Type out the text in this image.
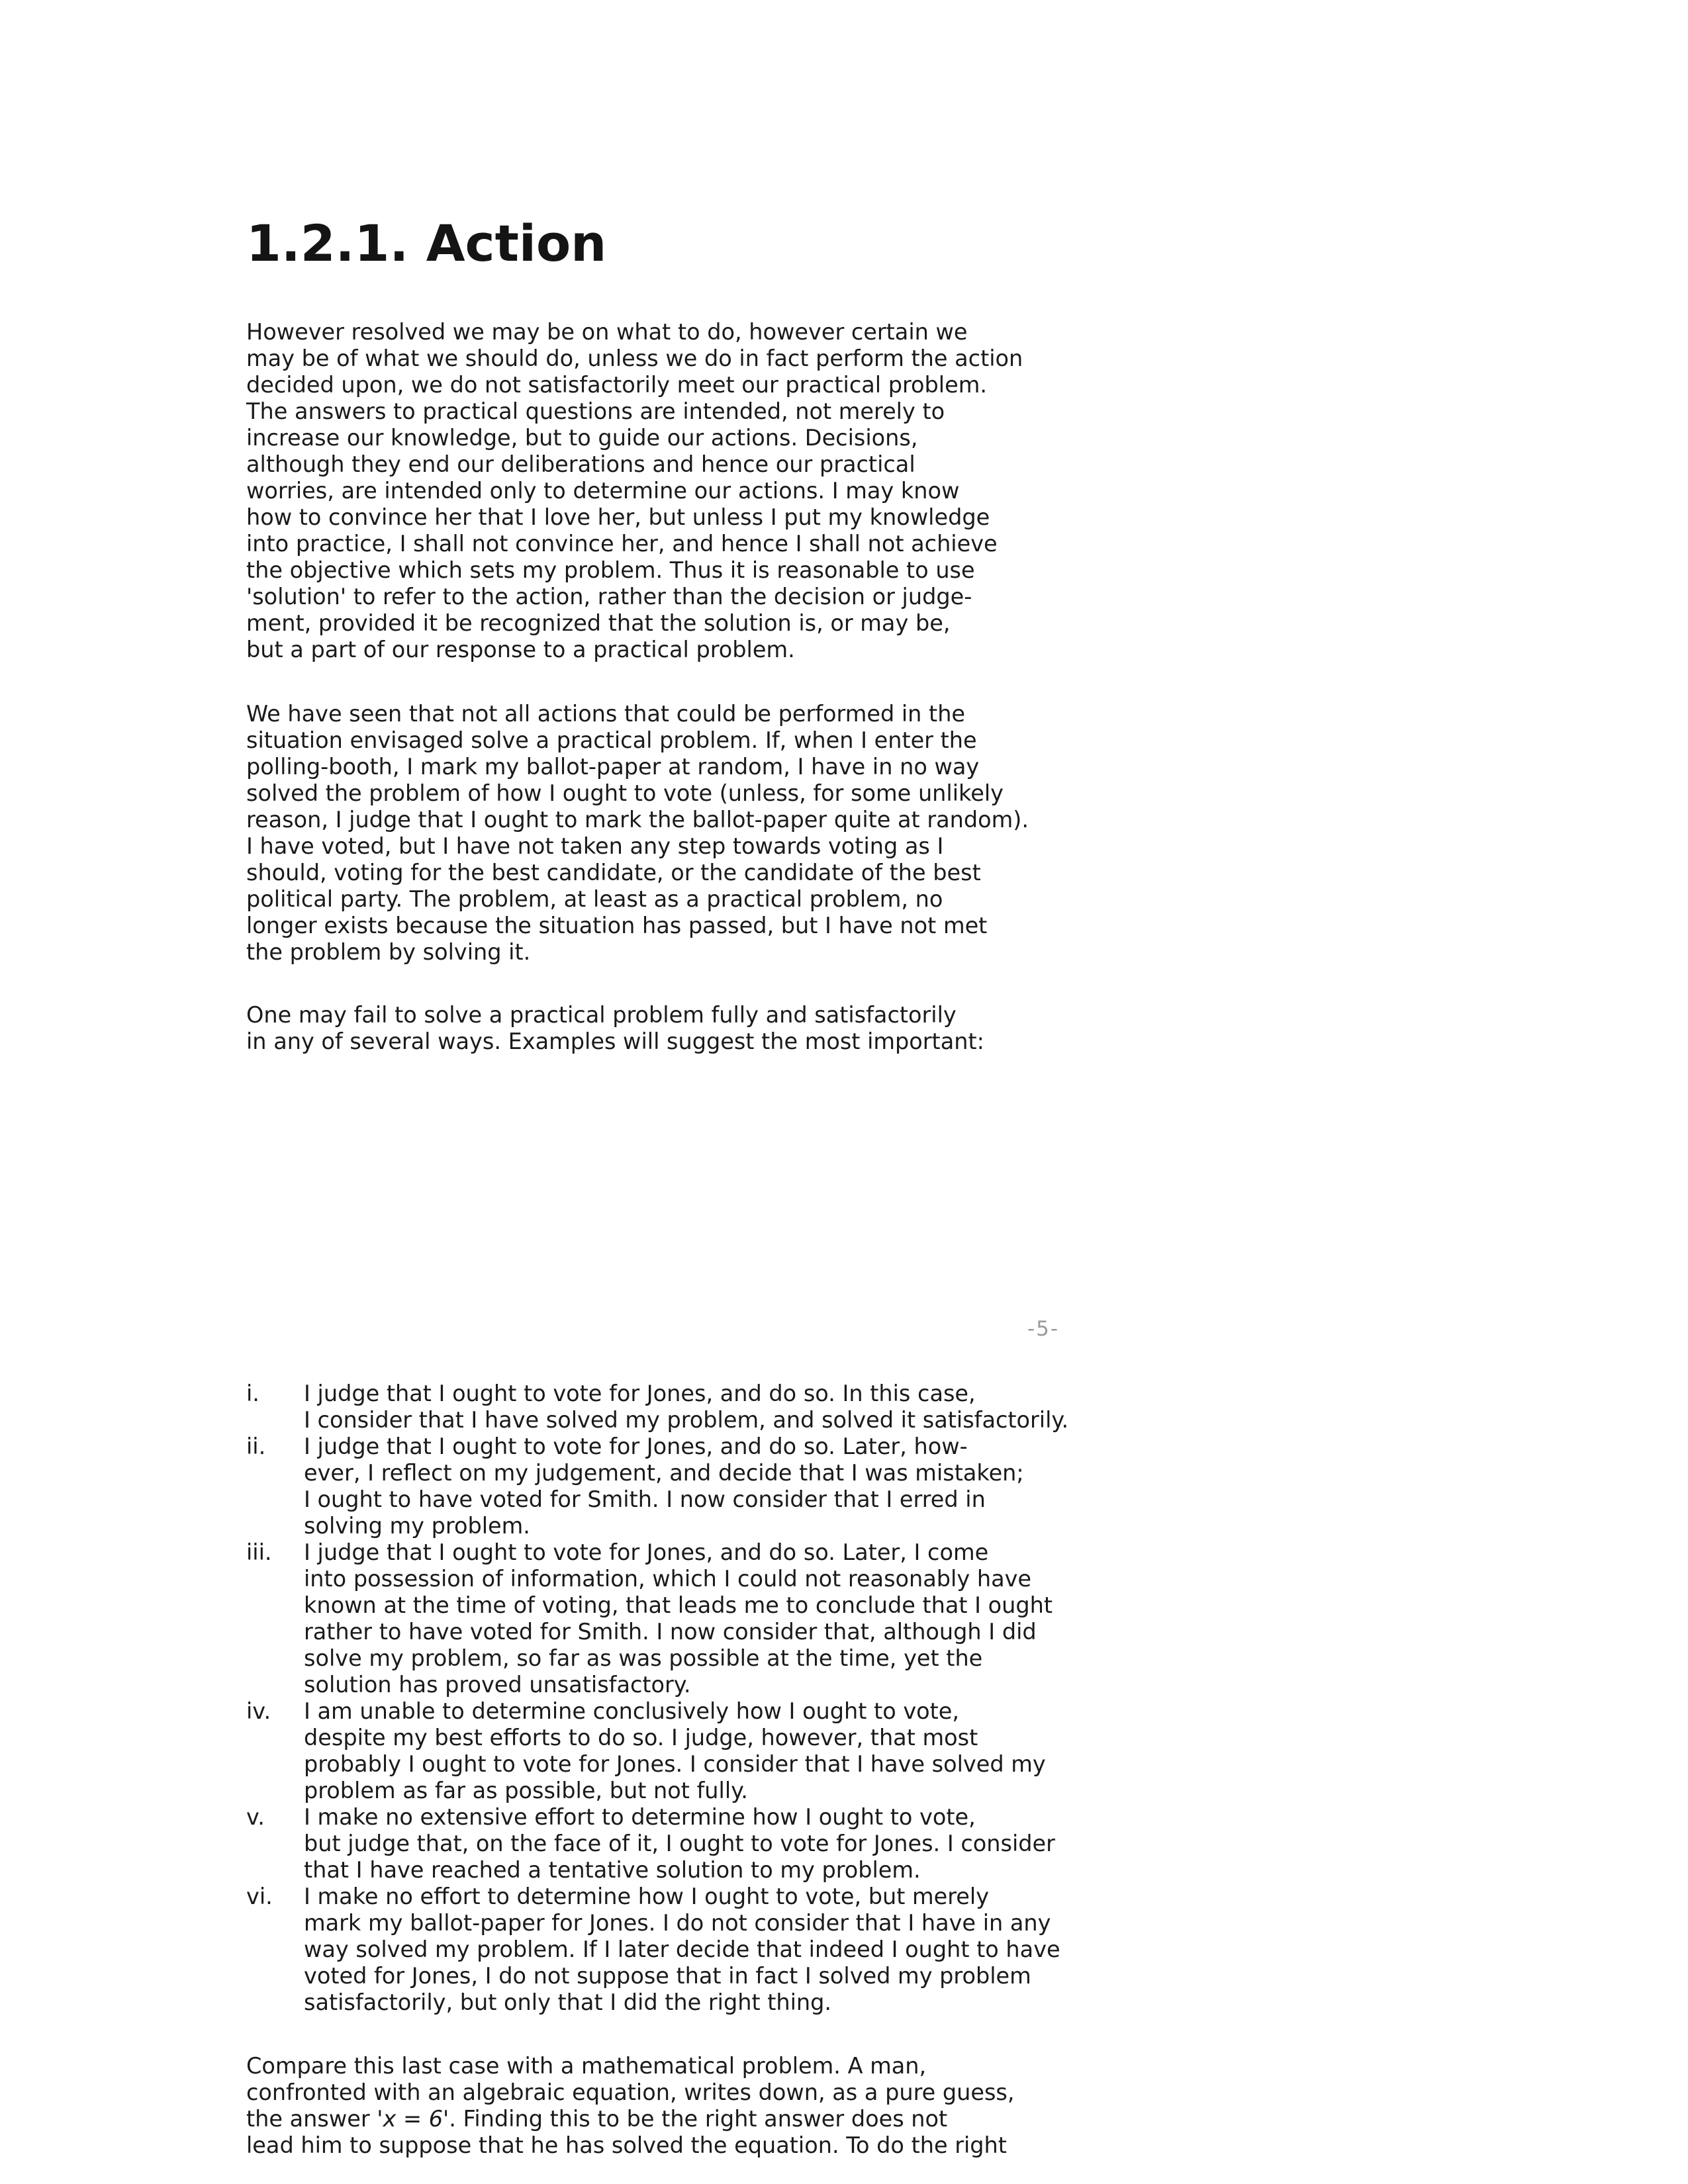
1.2.1. Action

However resolved we may be on what to do, however certain we
may be of what we should do, unless we do in fact perform the action
decided upon, we do not satisfactorily meet our practical problem.
The answers to practical questions are intended, not merely to
increase our knowledge, but to guide our actions. Decisions,
although they end our deliberations and hence our practical
worries, are intended only to determine our actions. I may know
how to convince her that I love her, but unless I put my knowledge
into practice, I shall not convince her, and hence I shall not achieve
the objective which sets my problem. Thus it is reasonable to use
'solution' to refer to the action, rather than the decision or judge-
ment, provided it be recognized that the solution is, or may be,
but a part of our response to a practical problem.

We have seen that not all actions that could be performed in the
situation envisaged solve a practical problem. If, when I enter the
polling-booth, I mark my ballot-paper at random, I have in no way
solved the problem of how I ought to vote (unless, for some unlikely
reason, I judge that I ought to mark the ballot-paper quite at random).
I have voted, but I have not taken any step towards voting as I
should, voting for the best candidate, or the candidate of the best
political party. The problem, at least as a practical problem, no
longer exists because the situation has passed, but I have not met
the problem by solving it.

One may fail to solve a practical problem fully and satisfactorily
in any of several ways. Examples will suggest the most important:

-5-
i. I judge that I ought to vote for Jones, and do so. In this case,
I consider that I have solved my problem, and solved it satisfactorily.
ii. I judge that I ought to vote for Jones, and do so. Later, how-
ever, I reflect on my judgement, and decide that I was mistaken;
I ought to have voted for Smith. I now consider that I erred in
solving my problem.
iii. I judge that I ought to vote for Jones, and do so. Later, I come
into possession of information, which I could not reasonably have
known at the time of voting, that leads me to conclude that I ought
rather to have voted for Smith. I now consider that, although I did
solve my problem, so far as was possible at the time, yet the
solution has proved unsatisfactory.
iv. I am unable to determine conclusively how I ought to vote,
despite my best efforts to do so. I judge, however, that most
probably I ought to vote for Jones. I consider that I have solved my
problem as far as possible, but not fully.
v. I make no extensive effort to determine how I ought to vote,
but judge that, on the face of it, I ought to vote for Jones. I consider
that I have reached a tentative solution to my problem.
vi. I make no effort to determine how I ought to vote, but merely
mark my ballot-paper for Jones. I do not consider that I have in any
way solved my problem. If I later decide that indeed I ought to have
voted for Jones, I do not suppose that in fact I solved my problem
satisfactorily, but only that I did the right thing.

Compare this last case with a mathematical problem. A man,
confronted with an algebraic equation, writes down, as a pure guess,
the answer 'x = 6'. Finding this to be the right answer does not
lead him to suppose that he has solved the equation. To do the right
